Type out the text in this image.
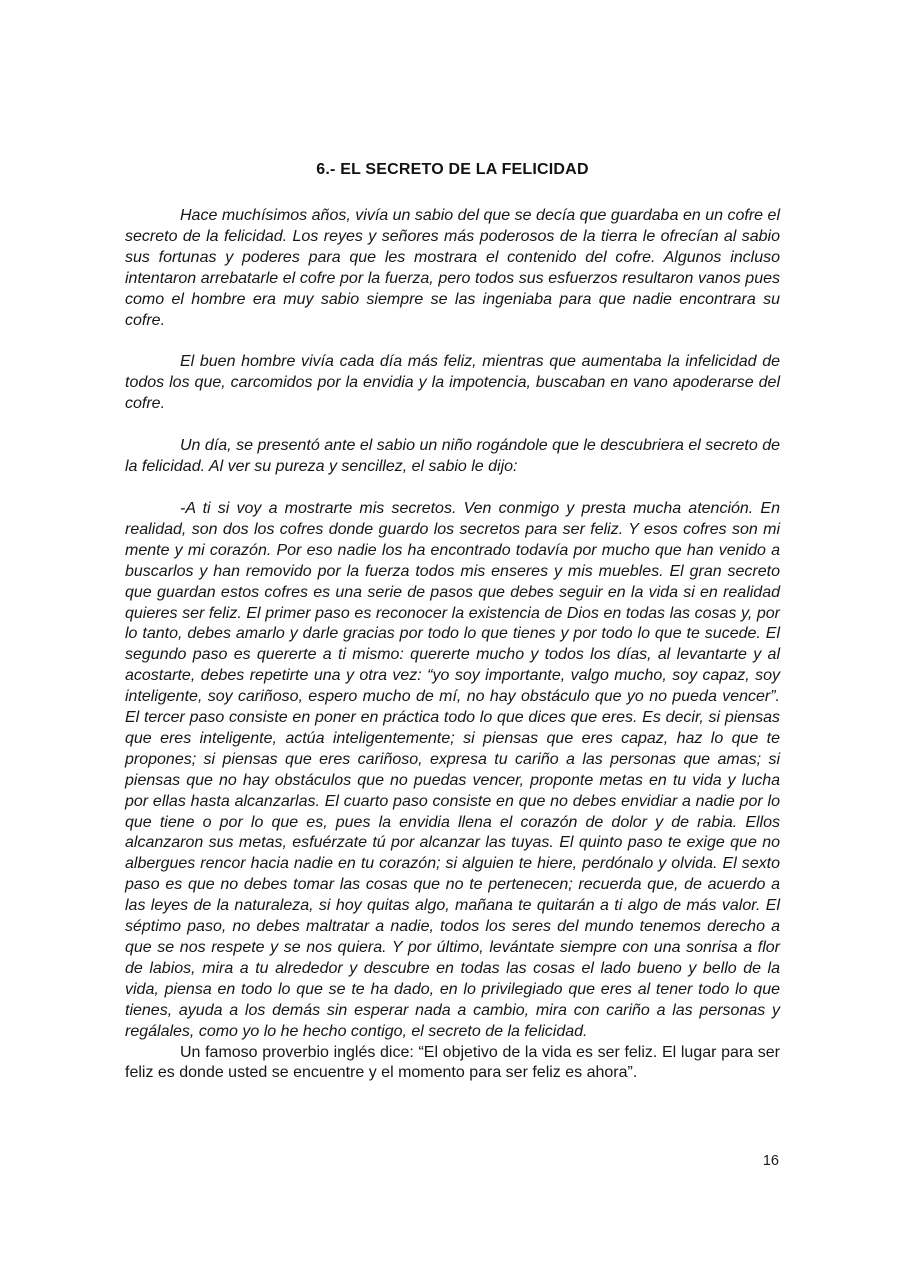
6.- EL SECRETO DE LA FELICIDAD

Hace muchísimos años, vivía un sabio del que se decía que guardaba en un cofre el secreto de la felicidad. Los reyes y señores más poderosos de la tierra le ofrecían al sabio sus fortunas y poderes para que les mostrara el contenido del cofre. Algunos incluso intentaron arrebatarle el cofre por la fuerza, pero todos sus esfuerzos resultaron vanos pues como el hombre era muy sabio siempre se las ingeniaba para que nadie encontrara su cofre.

El buen hombre vivía cada día más feliz, mientras que aumentaba la infelicidad de todos los que, carcomidos por la envidia y la impotencia, buscaban en vano apoderarse del cofre.

Un día, se presentó ante el sabio un niño rogándole que le descubriera el secreto de la felicidad. Al ver su pureza y sencillez, el sabio le dijo:

-A ti si voy a mostrarte mis secretos. Ven conmigo y presta mucha atención. En realidad, son dos los cofres donde guardo los secretos para ser feliz. Y esos cofres son mi mente y mi corazón. Por eso nadie los ha encontrado todavía por mucho que han venido a buscarlos y han removido por la fuerza todos mis enseres y mis muebles. El gran secreto que guardan estos cofres es una serie de pasos que debes seguir en la vida si en realidad quieres ser feliz. El primer paso es reconocer la existencia de Dios en todas las cosas y, por lo tanto, debes amarlo y darle gracias por todo lo que tienes y por todo lo que te sucede. El segundo paso es quererte a ti mismo: quererte mucho y todos los días, al levantarte y al acostarte, debes repetirte una y otra vez: “yo soy importante, valgo mucho, soy capaz, soy inteligente, soy cariñoso, espero mucho de mí, no hay obstáculo que yo no pueda vencer”. El tercer paso consiste en poner en práctica todo lo que dices que eres. Es decir, si piensas que eres inteligente, actúa inteligentemente; si piensas que eres capaz, haz lo que te propones; si piensas que eres cariñoso, expresa tu cariño a las personas que amas; si piensas que no hay obstáculos que no puedas vencer, proponte metas en tu vida y lucha por ellas hasta alcanzarlas. El cuarto paso consiste en que no debes envidiar a nadie por lo que tiene o por lo que es, pues la envidia llena el corazón de dolor y de rabia. Ellos alcanzaron sus metas, esfuérzate tú por alcanzar las tuyas. El quinto paso te exige que no albergues rencor hacia nadie en tu corazón; si alguien te hiere, perdónalo y olvida. El sexto paso es que no debes tomar las cosas que no te pertenecen; recuerda que, de acuerdo a las leyes de la naturaleza, si hoy quitas algo, mañana te quitarán a ti algo de más valor. El séptimo paso, no debes maltratar a nadie, todos los seres del mundo tenemos derecho a que se nos respete y se nos quiera. Y por último, levántate siempre con una sonrisa a flor de labios, mira a tu alrededor y descubre en todas las cosas el lado bueno y bello de la vida, piensa en todo lo que se te ha dado, en lo privilegiado que eres al tener todo lo que tienes, ayuda a los demás sin esperar nada a cambio, mira con cariño a las personas y regálales, como yo lo he hecho contigo, el secreto de la felicidad.

Un famoso proverbio inglés dice: “El objetivo de la vida es ser feliz. El lugar para ser feliz es donde usted se encuentre y el momento para ser feliz es ahora”.

16
